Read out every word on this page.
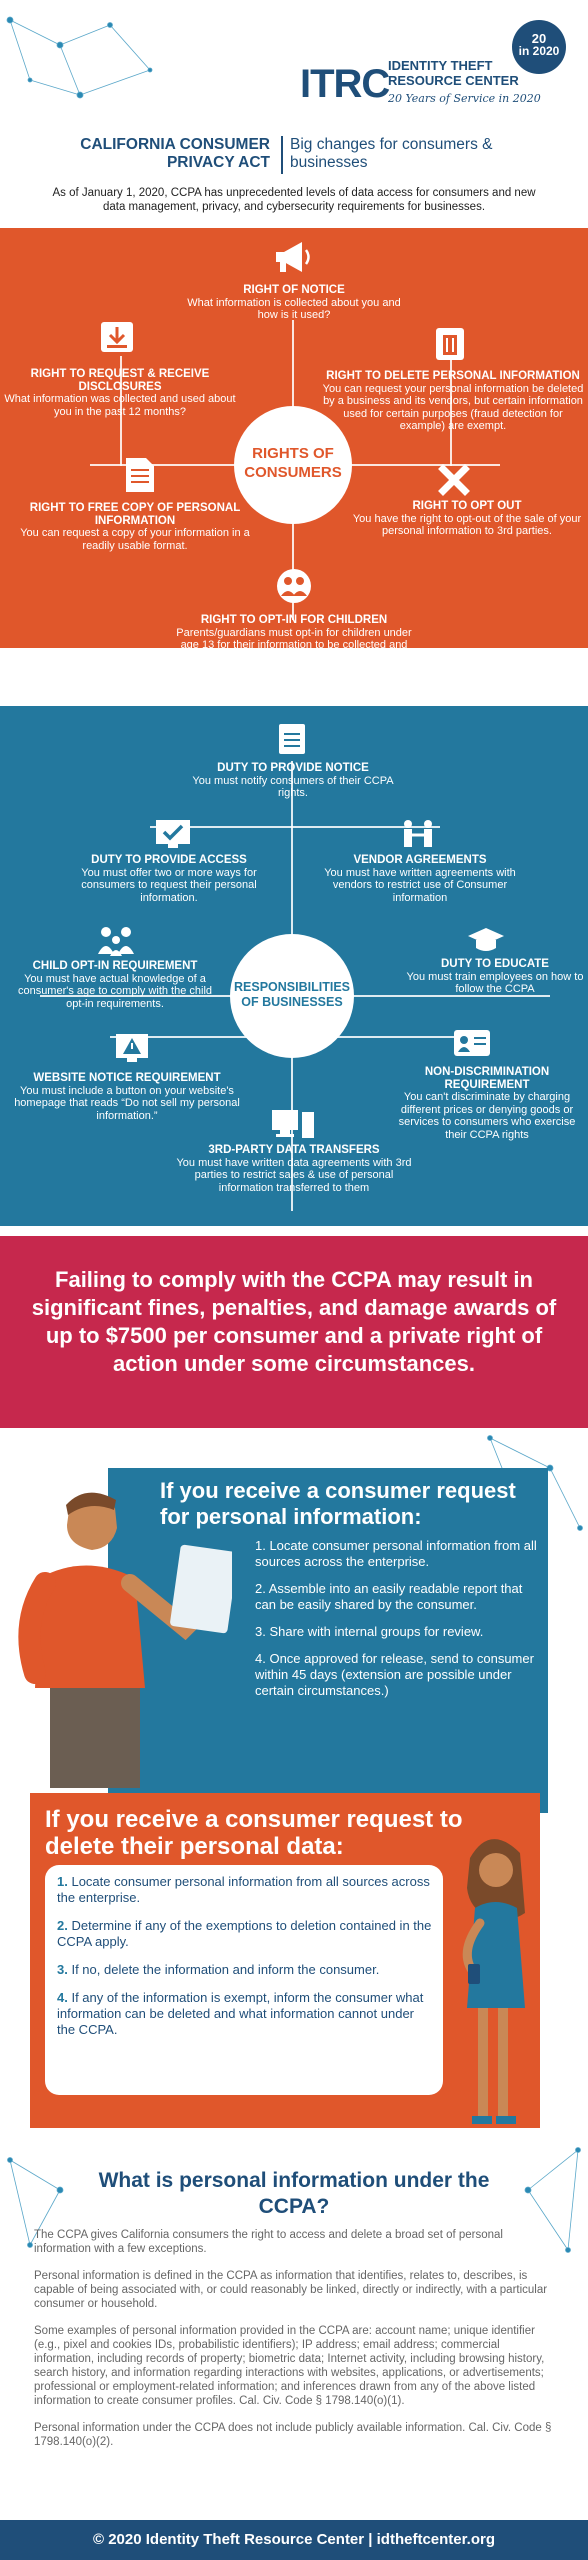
20
in 2020
ITRC
IDENTITY THEFT
RESOURCE CENTER
20 Years of Service in 2020
CALIFORNIA CONSUMER PRIVACY ACT
Big changes for consumers & businesses
As of January 1, 2020, CCPA has unprecedented levels of data access for consumers and new data management, privacy, and cybersecurity requirements for businesses.
RIGHTS OF
CONSUMERS
RIGHT OF NOTICE
What information is collected about you and how is it used?
RIGHT TO REQUEST & RECEIVE DISCLOSURES
What information was collected and used about you in the past 12 months?
RIGHT TO DELETE PERSONAL INFORMATION
You can request your personal information be deleted by a business and its vendors, but certain information used for certain purposes (fraud detection for example) are exempt.
RIGHT TO FREE COPY OF PERSONAL INFORMATION
You can request a copy of your information in a readily usable format.
RIGHT TO OPT OUT
You have the right to opt-out of the sale of your personal information to 3rd parties.
RIGHT TO OPT-IN FOR CHILDREN
Parents/guardians must opt-in for children under age 13 for their information to be collected and shared. Parents/guardians and a child 13-16 must both opt-in.
RESPONSIBILITIES
OF BUSINESSES
DUTY TO PROVIDE NOTICE
You must notify consumers of their CCPA rights.
DUTY TO PROVIDE ACCESS
You must offer two or more ways for consumers to request their personal information.
VENDOR AGREEMENTS
You must have written agreements with vendors to restrict use of Consumer information
DUTY TO EDUCATE
You must train employees on how to follow the CCPA
CHILD OPT-IN REQUIREMENT
You must have actual knowledge of a consumer's age to comply with the child opt-in requirements.
WEBSITE NOTICE REQUIREMENT
You must include a button on your website's homepage that reads “Do not sell my personal information.”
NON-DISCRIMINATION REQUIREMENT
You can't discriminate by charging different prices or denying goods or services to consumers who exercise their CCPA rights
3RD-PARTY DATA TRANSFERS
You must have written data agreements with 3rd parties to restrict sales & use of personal information transferred to them
Failing to comply with the CCPA may result in significant fines, penalties, and damage awards of up to $7500 per consumer and a private right of action under some circumstances.
If you receive a consumer request for personal information:
1. Locate consumer personal information from all sources across the enterprise.
2. Assemble into an easily readable report that can be easily shared by the consumer.
3. Share with internal groups for review.
4. Once approved for release, send to consumer within 45 days (extension are possible under certain circumstances.)
If you receive a consumer request to delete their personal data:
1. Locate consumer personal information from all sources across the enterprise.
2. Determine if any of the exemptions to deletion contained in the CCPA apply.
3. If no, delete the information and inform the consumer.
4. If any of the information is exempt, inform the consumer what information can be deleted and what information cannot under the CCPA.
What is personal information under the CCPA?

The CCPA gives California consumers the right to access and delete a broad set of personal information with a few exceptions.

Personal information is defined in the CCPA as information that identifies, relates to, describes, is capable of being associated with, or could reasonably be linked, directly or indirectly, with a particular consumer or household.

Some examples of personal information provided in the CCPA are: account name; unique identifier (e.g., pixel and cookies IDs, probabilistic identifiers); IP address; email address; commercial information, including records of property; biometric data; Internet activity, including browsing history, search history, and information regarding interactions with websites, applications, or advertisements; professional or employment-related information; and inferences drawn from any of the above listed information to create consumer profiles. Cal. Civ. Code § 1798.140(o)(1).

Personal information under the CCPA does not include publicly available information. Cal. Civ. Code § 1798.140(o)(2).

© 2020 Identity Theft Resource Center | idtheftcenter.org
